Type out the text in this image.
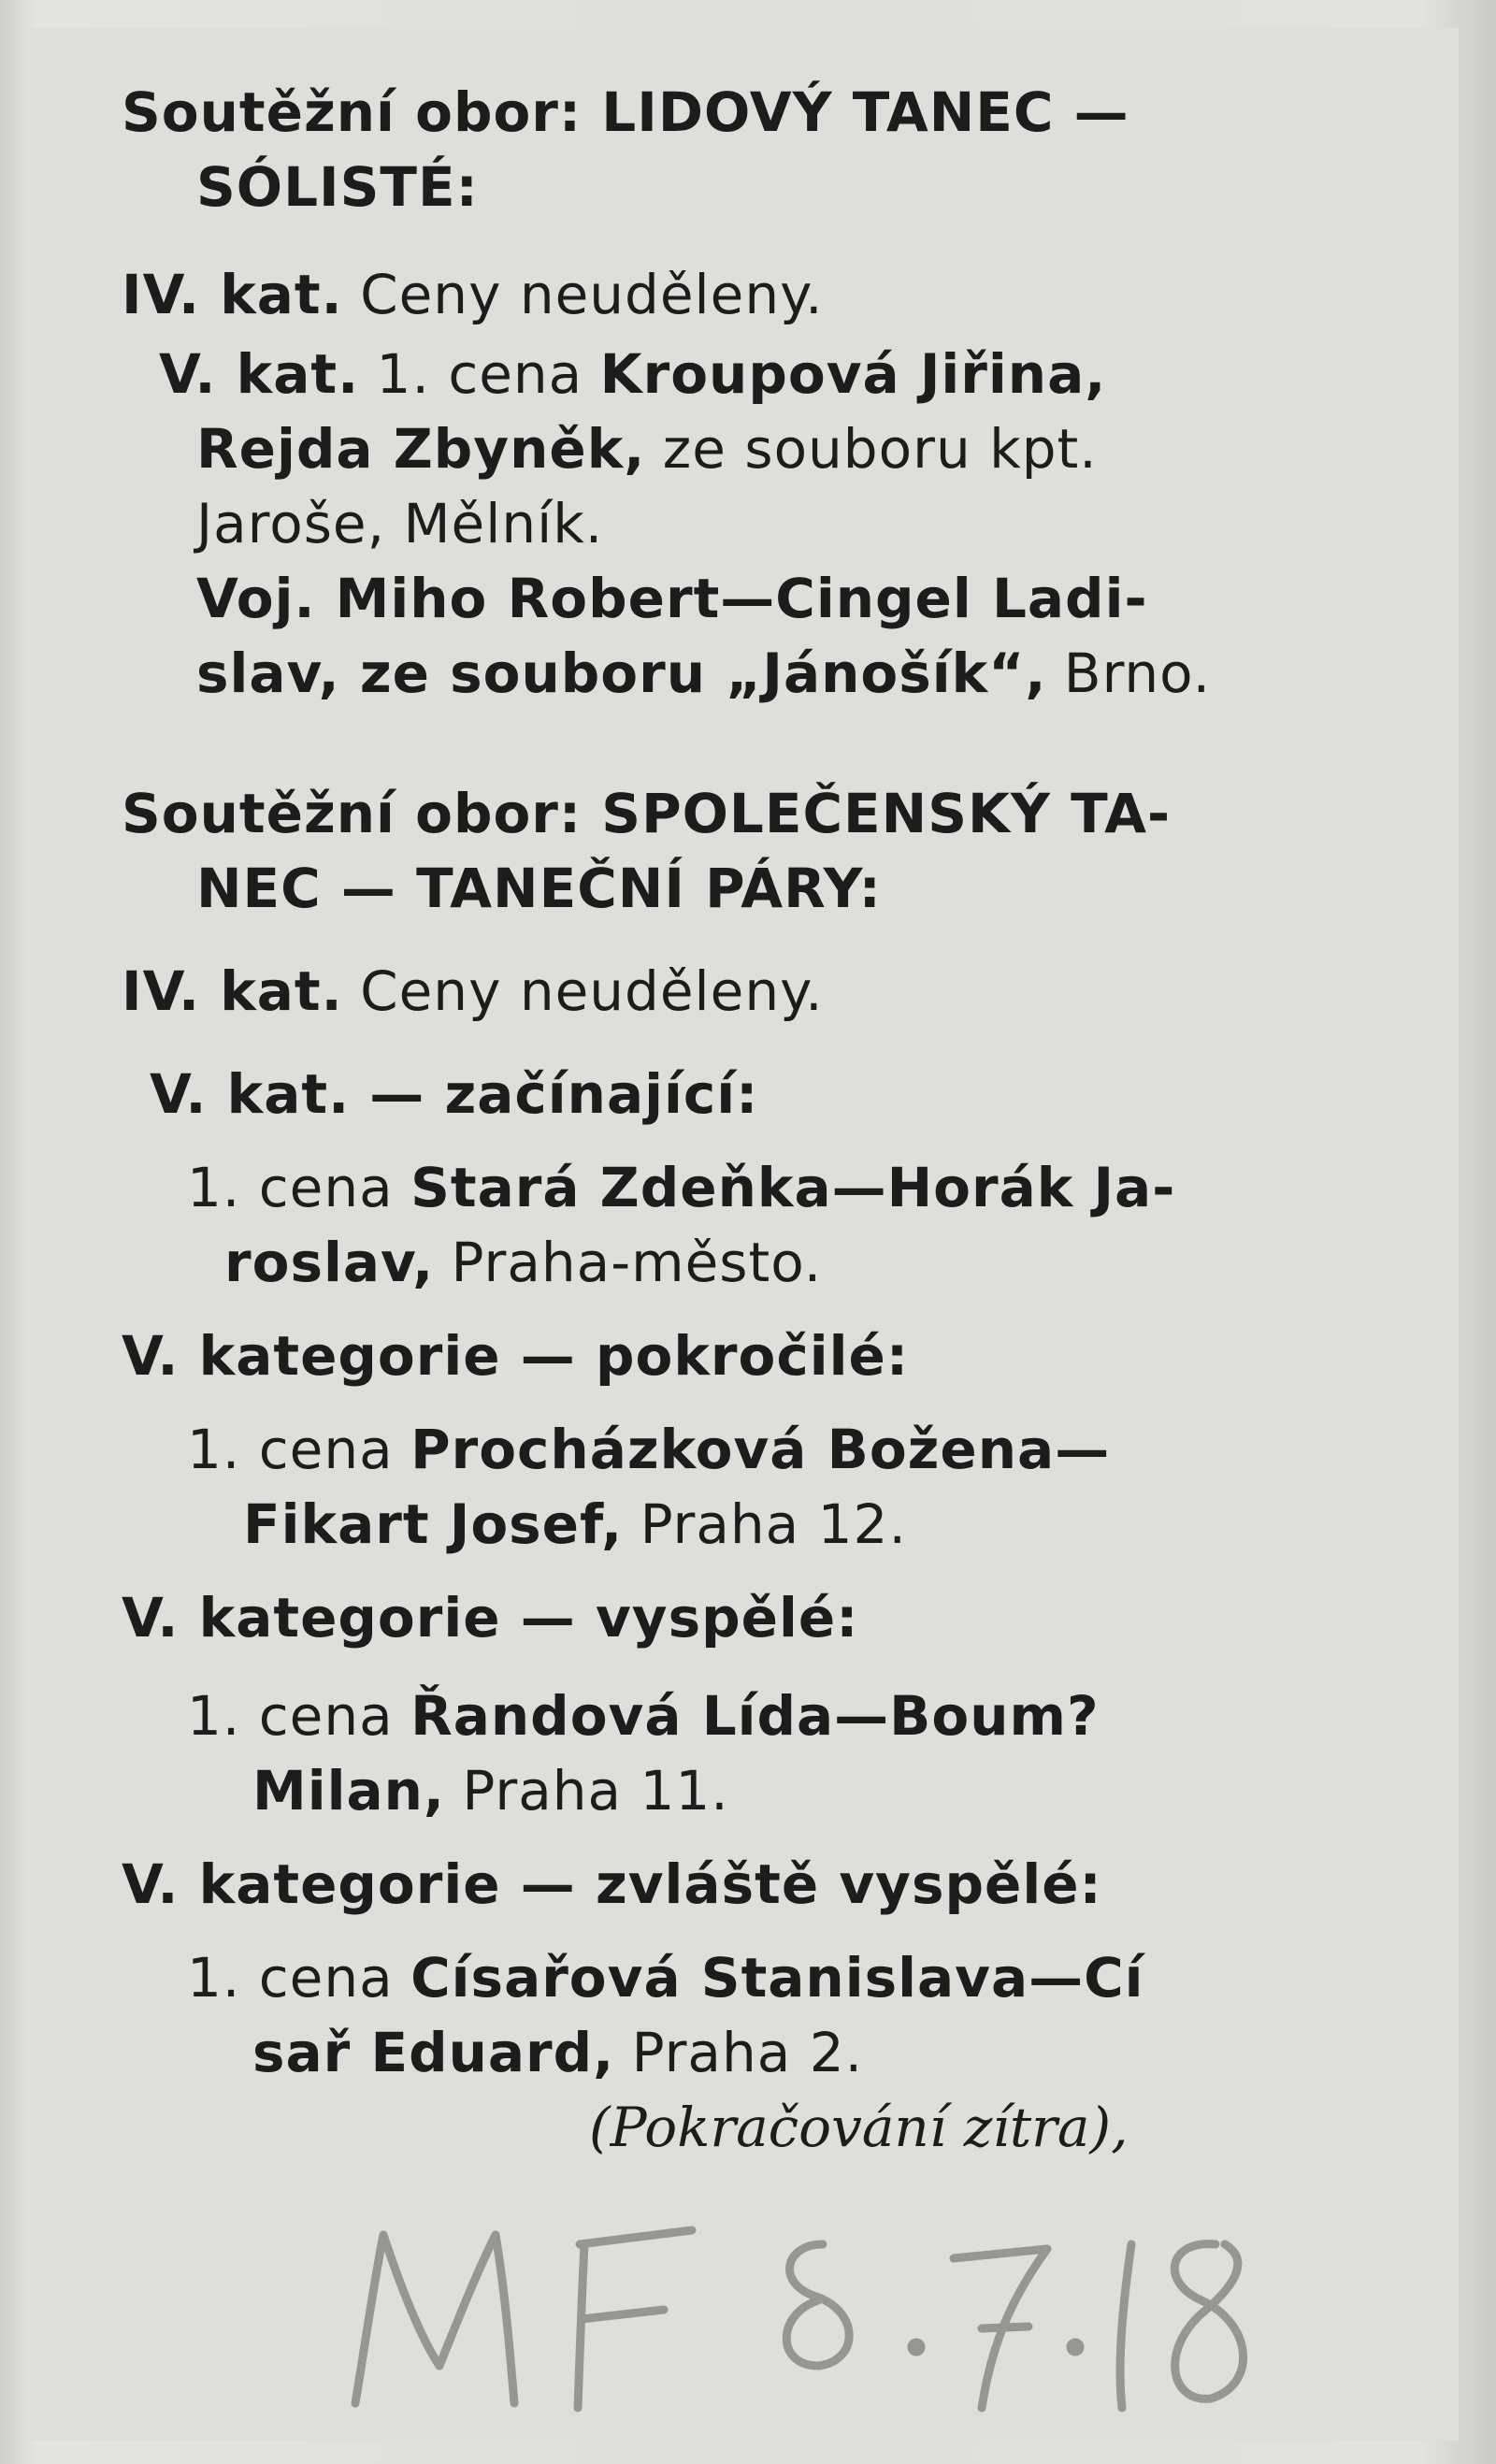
Soutěžní obor: LIDOVÝ TANEC —
SÓLISTÉ:
IV. kat. Ceny neuděleny.
V. kat. 1. cena Kroupová Jiřina,
Rejda Zbyněk, ze souboru kpt.
Jaroše, Mělník.
Voj. Miho Robert—Cingel Ladi-
slav, ze souboru „Jánošík“, Brno.
Soutěžní obor: SPOLEČENSKÝ TA-
NEC — TANEČNÍ PÁRY:
IV. kat. Ceny neuděleny.
V. kat. — začínající:
1. cena Stará Zdeňka—Horák Ja-
roslav, Praha-město.
V. kategorie — pokročilé:
1. cena Procházková Božena—
Fikart Josef, Praha 12.
V. kategorie — vyspělé:
1. cena Řandová Lída—Boum?
Milan, Praha 11.
V. kategorie — zvláště vyspělé:
1. cena Císařová Stanislava—Cí
sař Eduard, Praha 2.
(Pokračování zítra),
